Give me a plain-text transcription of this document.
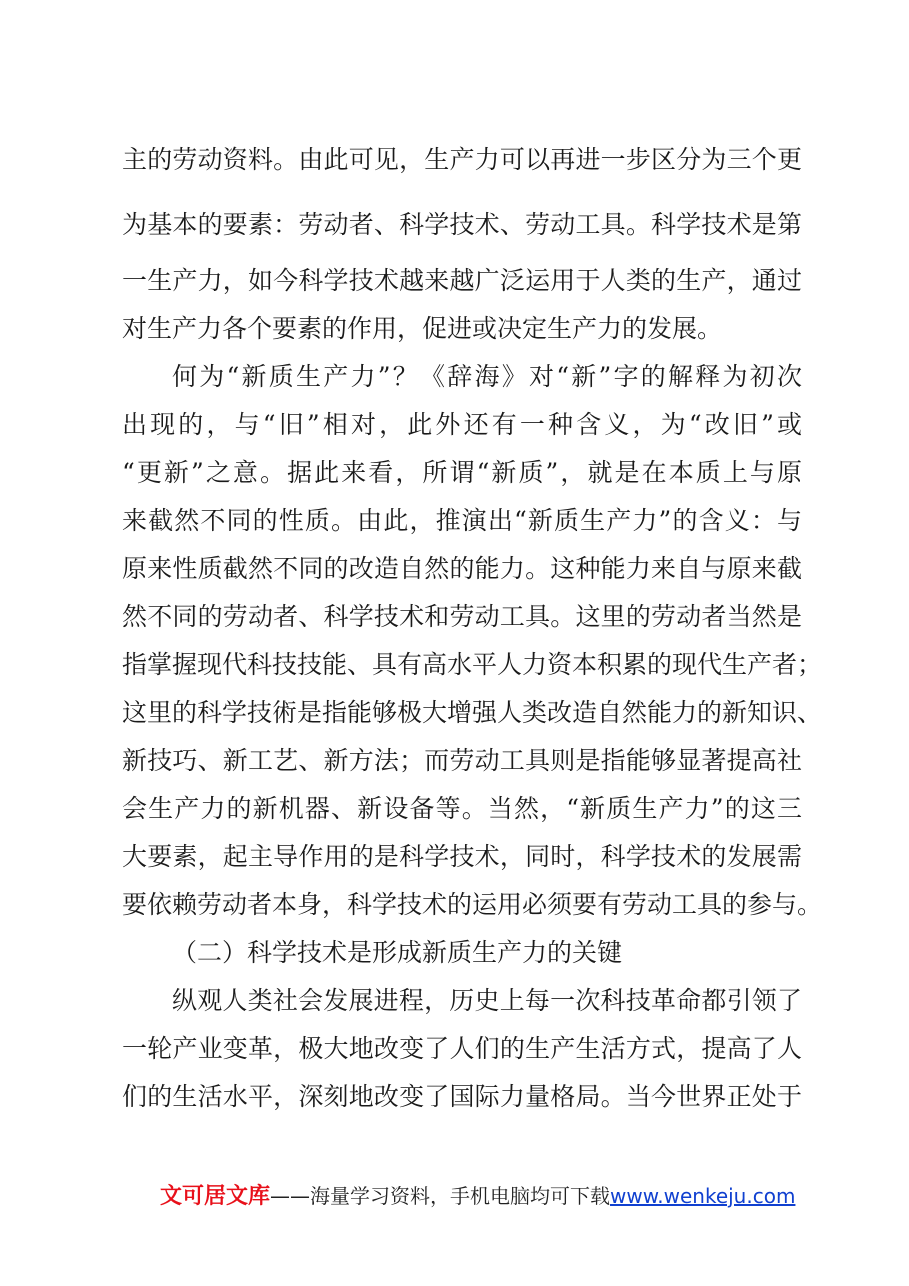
主的劳动资料。由此可见，生产力可以再进一步区分为三个更
为基本的要素：劳动者、科学技术、劳动工具。科学技术是第
一生产力，如今科学技术越来越广泛运用于人类的生产，通过
对生产力各个要素的作用，促进或决定生产力的发展。
何为“新质生产力”？《辞海》对“新”字的解释为初次
出现的，与“旧”相对，此外还有一种含义，为“改旧”或
“更新”之意。据此来看，所谓“新质”，就是在本质上与原
来截然不同的性质。由此，推演出“新质生产力”的含义：与
原来性质截然不同的改造自然的能力。这种能力来自与原来截
然不同的劳动者、科学技术和劳动工具。这里的劳动者当然是
指掌握现代科技技能、具有高水平人力资本积累的现代生产者；
这里的科学技術是指能够极大增强人类改造自然能力的新知识、
新技巧、新工艺、新方法；而劳动工具则是指能够显著提高社
会生产力的新机器、新设备等。当然，“新质生产力”的这三
大要素，起主导作用的是科学技术，同时，科学技术的发展需
要依赖劳动者本身，科学技术的运用必须要有劳动工具的参与。
（二）科学技术是形成新质生产力的关键
纵观人类社会发展进程，历史上每一次科技革命都引领了
一轮产业变革，极大地改变了人们的生产生活方式，提高了人
们的生活水平，深刻地改变了国际力量格局。当今世界正处于
文可居文库——海量学习资料，手机电脑均可下载www.wenkeju.com
